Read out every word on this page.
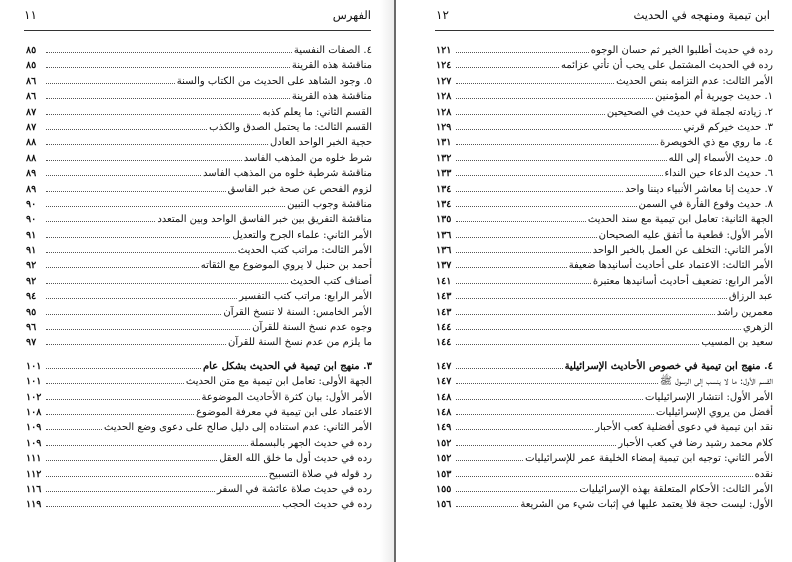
الفهرس
١١
٤. الصفات النفسية
٨٥
مناقشة هذه القرينة
٨٥
٥. وجود الشاهد على الحديث من الكتاب والسنة
٨٦
مناقشة هذه القرينة
٨٦
القسم الثاني: ما يعلم كذبه
٨٧
القسم الثالث: ما يحتمل الصدق والكذب
٨٧
حجية الخبر الواحد العادل
٨٨
شرط خلوه من المذهب الفاسد
٨٨
مناقشة شرطية خلوه من المذهب الفاسد
٨٩
لزوم الفحص عن صحة خبر الفاسق
٨٩
مناقشة وجوب التبين
٩٠
مناقشة التفريق بين خبر الفاسق الواحد وبين المتعدد
٩٠
الأمر الثاني: علماء الجرح والتعديل
٩١
الأمر الثالث: مراتب كتب الحديث
٩١
أحمد بن حنبل لا يروي الموضوع مع الثقاته
٩٢
أصناف كتب الحديث
٩٢
الأمر الرابع: مراتب كتب التفسير
٩٤
الأمر الخامس: السنة لا تنسخ القرآن
٩٥
وجوه عدم نسخ السنة للقرآن
٩٦
ما يلزم من عدم نسخ السنة للقرآن
٩٧
٣. منهج ابن تيمية في الحديث بشكل عام
١٠١
الجهة الأولى: تعامل ابن تيمية مع متن الحديث
١٠١
الأمر الأول: بيان كثرة الأحاديث الموضوعة
١٠٢
الاعتماد على ابن تيمية في معرفة الموضوع
١٠٨
الأمر الثاني: عدم استناده إلى دليل صالح على دعوى وضع الحديث
١٠٩
رده في حديث الجهر بالبسملة
١٠٩
رده في حديث أول ما خلق الله العقل
١١١
رد قوله في صلاة التسبيح
١١٢
رده في حديث صلاة عائشة في السفر
١١٦
رده في حديث الحجب
١١٩
ابن تيمية ومنهجه في الحديث
١٢
رده في حديث أطلبوا الخير ثم حسان الوجوه
١٢١
رده في الحديث المشتمل على يحب أن تأتي عزائمه
١٢٤
الأمر الثالث: عدم التزامه بنص الحديث
١٢٧
١. حديث جويرية أم المؤمنين
١٢٨
٢. زيادته لجملة في حديث في الصحيحين
١٢٨
٣. حديث خيركم قرني
١٢٩
٤. ما روي مع ذي الخويصرة
١٣١
٥. حديث الأسماء إلى الله
١٣٢
٦. حديث الدعاء حين النداء
١٣٣
٧. حديث إنا معاشر الأنبياء ديننا واحد
١٣٤
٨. حديث وقوع الفأرة في السمن
١٣٤
الجهة الثانية: تعامل ابن تيمية مع سند الحديث
١٣٥
الأمر الأول: قطعية ما أتفق عليه الصحيحان
١٣٦
الأمر الثاني: التخلف عن العمل بالخبر الواحد
١٣٦
الأمر الثالث: الاعتماد على أحاديث أسانيدها ضعيفة
١٣٧
الأمر الرابع: تضعيف أحاديث أسانيدها معتبرة
١٤١
عبد الرزاق
١٤٣
معمرين راشد
١٤٣
الزهري
١٤٤
سعيد بن المسيب
١٤٤
٤. منهج ابن تيمية في خصوص الأحاديث الإسرائيلية
١٤٧
القسم الأول: ما لا ينسب إلى الرسول ﷺ
١٤٧
الأمر الأول: انتشار الإسرائيليات
١٤٨
أفضل من يروي الإسرائيليات
١٤٨
نقد ابن تيمية في دعوى أفضلية كعب الأحبار
١٤٩
كلام محمد رشيد رضا في كعب الأحبار
١٥٢
الأمر الثاني: توجيه ابن تيمية إمضاء الخليفة عمر للإسرائيليات
١٥٢
نقده
١٥٣
الأمر الثالث: الأحكام المتعلقة بهذه الإسرائيليات
١٥٥
الأول: ليست حجة فلا يعتمد عليها في إثبات شيء من الشريعة
١٥٦
